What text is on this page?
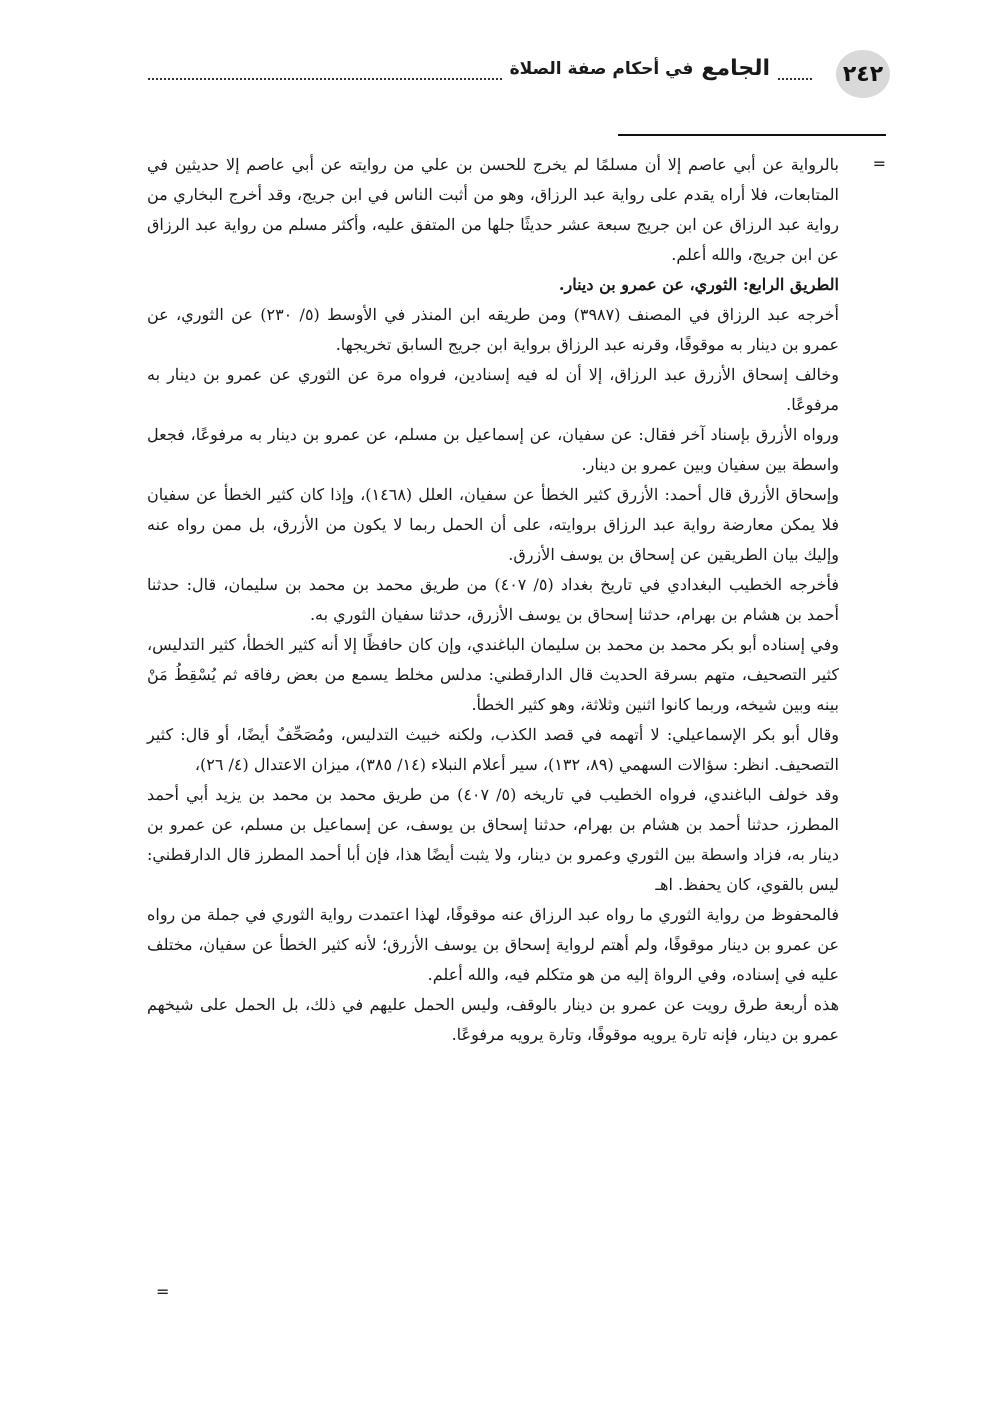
٢٤٢
الجامع
في أحكام صفة الصلاة
=

بالرواية عن أبي عاصم إلا أن مسلمًا لم يخرج للحسن بن علي من روايته عن أبي عاصم إلا حديثين في المتابعات، فلا أراه يقدم على رواية عبد الرزاق، وهو من أثبت الناس في ابن جريج، وقد أخرج البخاري من رواية عبد الرزاق عن ابن جريج سبعة عشر حديثًا جلها من المتفق عليه، وأكثر مسلم من رواية عبد الرزاق عن ابن جريج، والله أعلم.

الطريق الرابع: الثوري، عن عمرو بن دينار.

أخرجه عبد الرزاق في المصنف (٣٩٨٧) ومن طريقه ابن المنذر في الأوسط (٥/ ٢٣٠) عن الثوري، عن عمرو بن دينار به موقوفًا، وقرنه عبد الرزاق برواية ابن جريج السابق تخريجها.

وخالف إسحاق الأزرق عبد الرزاق، إلا أن له فيه إسنادين، فرواه مرة عن الثوري عن عمرو بن دينار به مرفوعًا.

ورواه الأزرق بإسناد آخر فقال: عن سفيان، عن إسماعيل بن مسلم، عن عمرو بن دينار به مرفوعًا، فجعل واسطة بين سفيان وبين عمرو بن دينار.

وإسحاق الأزرق قال أحمد: الأزرق كثير الخطأ عن سفيان، العلل (١٤٦٨)، وإذا كان كثير الخطأ عن سفيان فلا يمكن معارضة رواية عبد الرزاق بروايته، على أن الحمل ربما لا يكون من الأزرق، بل ممن رواه عنه وإليك بيان الطريقين عن إسحاق بن يوسف الأزرق.

فأخرجه الخطيب البغدادي في تاريخ بغداد (٥/ ٤٠٧) من طريق محمد بن محمد بن سليمان، قال: حدثنا أحمد بن هشام بن بهرام، حدثنا إسحاق بن يوسف الأزرق، حدثنا سفيان الثوري به.

وفي إسناده أبو بكر محمد بن محمد بن سليمان الباغندي، وإن كان حافظًا إلا أنه كثير الخطأ، كثير التدليس، كثير التصحيف، متهم بسرقة الحديث قال الدارقطني: مدلس مخلط يسمع من بعض رفاقه ثم يُسْقِطُ مَنْ بينه وبين شيخه، وربما كانوا اثنين وثلاثة، وهو كثير الخطأ.

وقال أبو بكر الإسماعيلي: لا أتهمه في قصد الكذب، ولكنه خبيث التدليس، ومُصَحِّفٌ أيضًا، أو قال: كثير التصحيف. انظر: سؤالات السهمي (٨٩، ١٣٢)، سير أعلام النبلاء (١٤/ ٣٨٥)، ميزان الاعتدال (٤/ ٢٦)،

وقد خولف الباغندي، فرواه الخطيب في تاريخه (٥/ ٤٠٧) من طريق محمد بن محمد بن يزيد أبي أحمد المطرز، حدثنا أحمد بن هشام بن بهرام، حدثنا إسحاق بن يوسف، عن إسماعيل بن مسلم، عن عمرو بن دينار به، فزاد واسطة بين الثوري وعمرو بن دينار، ولا يثبت أيضًا هذا، فإن أبا أحمد المطرز قال الدارقطني: ليس بالقوي، كان يحفظ. اهـ

فالمحفوظ من رواية الثوري ما رواه عبد الرزاق عنه موقوفًا، لهذا اعتمدت رواية الثوري في جملة من رواه عن عمرو بن دينار موقوفًا، ولم أهتم لرواية إسحاق بن يوسف الأزرق؛ لأنه كثير الخطأ عن سفيان، مختلف عليه في إسناده، وفي الرواة إليه من هو متكلم فيه، والله أعلم.

هذه أربعة طرق رويت عن عمرو بن دينار بالوقف، وليس الحمل عليهم في ذلك، بل الحمل على شيخهم عمرو بن دينار، فإنه تارة يرويه موقوفًا، وتارة يرويه مرفوعًا.

=
